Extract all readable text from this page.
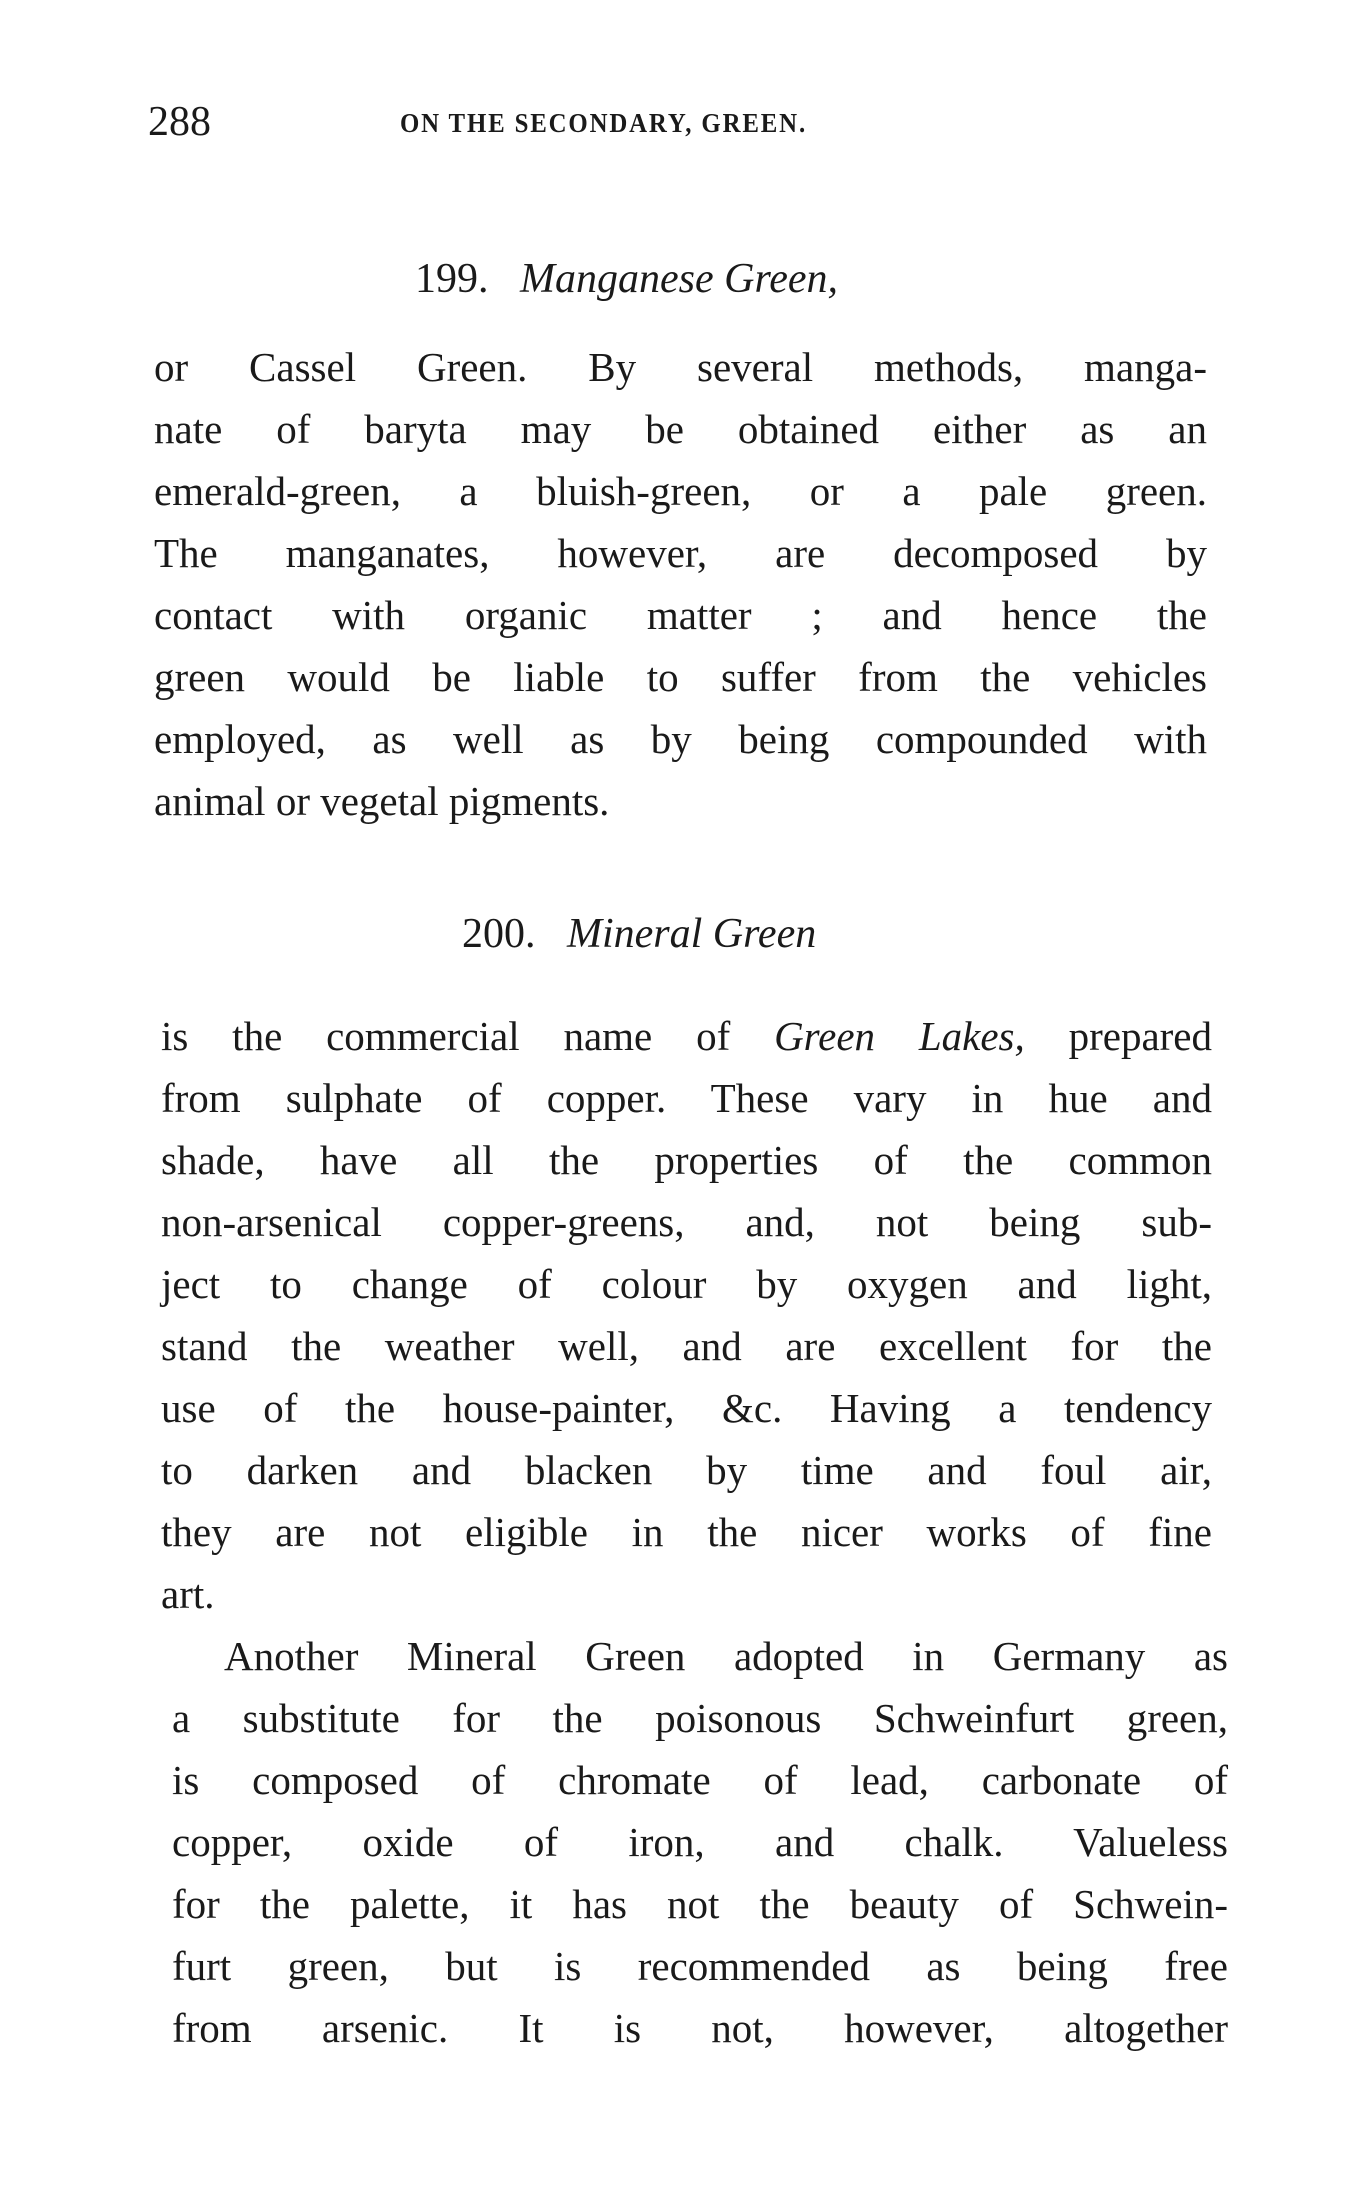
288	ON THE SECONDARY, GREEN.
199. Manganese Green,
or Cassel Green. By several methods, manga-
nate of baryta may be obtained either as an
emerald-green, a bluish-green, or a pale green.
The manganates, however, are decomposed by
contact with organic matter ; and hence the
green would be liable to suffer from the vehicles
employed, as well as by being compounded with
animal or vegetal pigments.
200. Mineral Green
is the commercial name of Green Lakes, prepared
from sulphate of copper. These vary in hue and
shade, have all the properties of the common
non-arsenical copper-greens, and, not being sub-
ject to change of colour by oxygen and light,
stand the weather well, and are excellent for the
use of the house-painter, &c. Having a tendency
to darken and blacken by time and foul air,
they are not eligible in the nicer works of fine
art.
Another Mineral Green adopted in Germany as
a substitute for the poisonous Schweinfurt green,
is composed of chromate of lead, carbonate of
copper, oxide of iron, and chalk. Valueless
for the palette, it has not the beauty of Schwein-
furt green, but is recommended as being free
from arsenic. It is not, however, altogether
